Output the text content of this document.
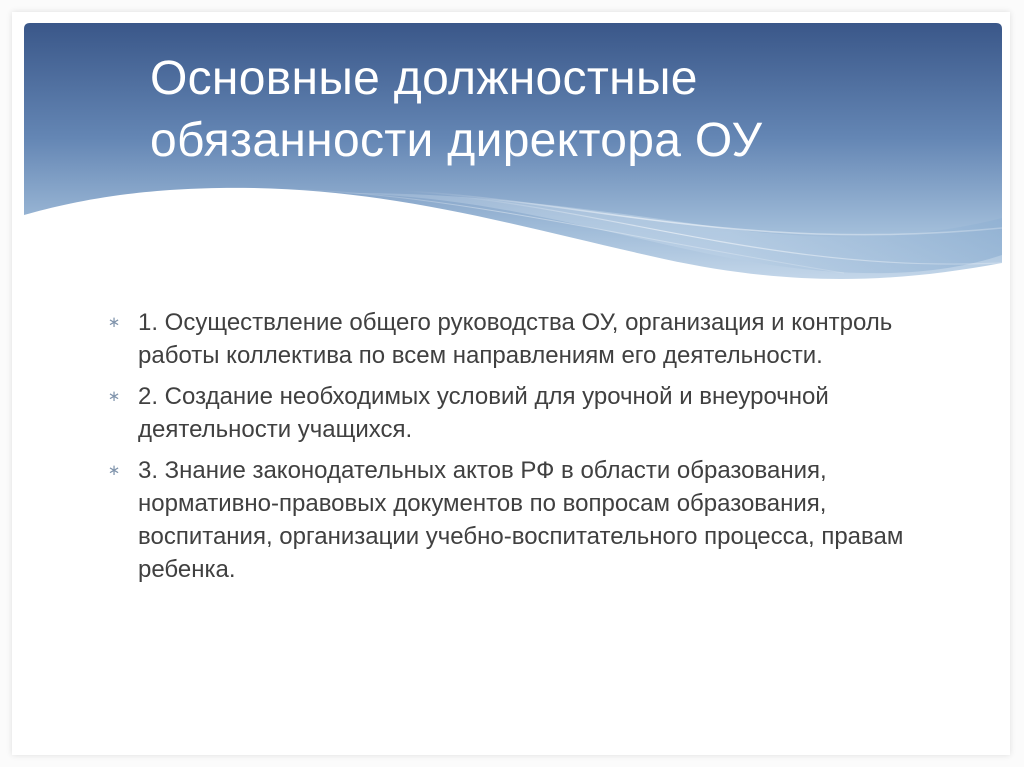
Основные должностные обязанности директора ОУ
∗ 1. Осуществление общего руководства ОУ, организация и контроль работы коллектива по всем направлениям его деятельности.
∗ 2. Создание необходимых условий для урочной и внеурочной деятельности учащихся.
∗ 3. Знание законодательных актов РФ в области образования, нормативно-правовых документов по вопросам образования, воспитания, организации учебно-воспитательного процесса, правам ребенка.
